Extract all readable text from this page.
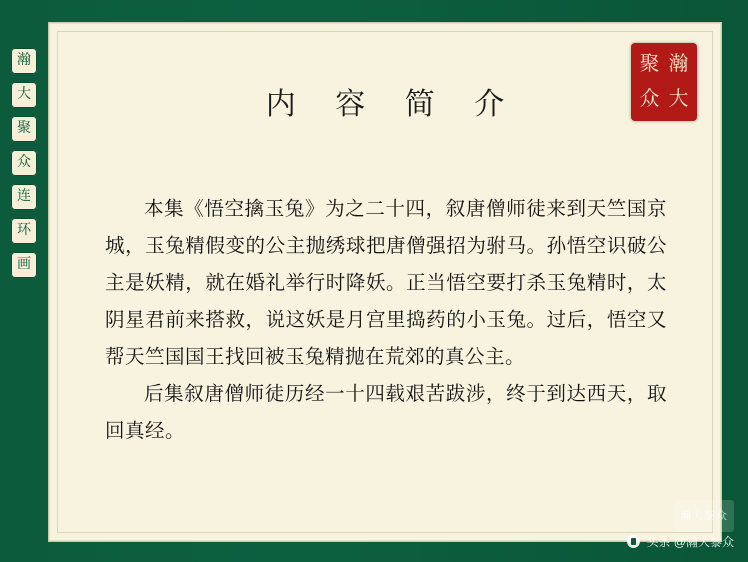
瀚
大
聚
众
连
环
画
内 容 简 介
聚 瀚
众 大

本集《悟空擒玉兔》为之二十四，叙唐僧师徒来到天竺国京城，玉兔精假变的公主抛绣球把唐僧强招为驸马。孙悟空识破公主是妖精，就在婚礼举行时降妖。正当悟空要打杀玉兔精时，太阴星君前来搭救，说这妖是月宫里捣药的小玉兔。过后，悟空又帮天竺国国王找回被玉兔精抛在荒郊的真公主。

后集叙唐僧师徒历经一十四载艰苦跋涉，终于到达西天，取回真经。

瀚大黎众
头条 @瀚大黎众
